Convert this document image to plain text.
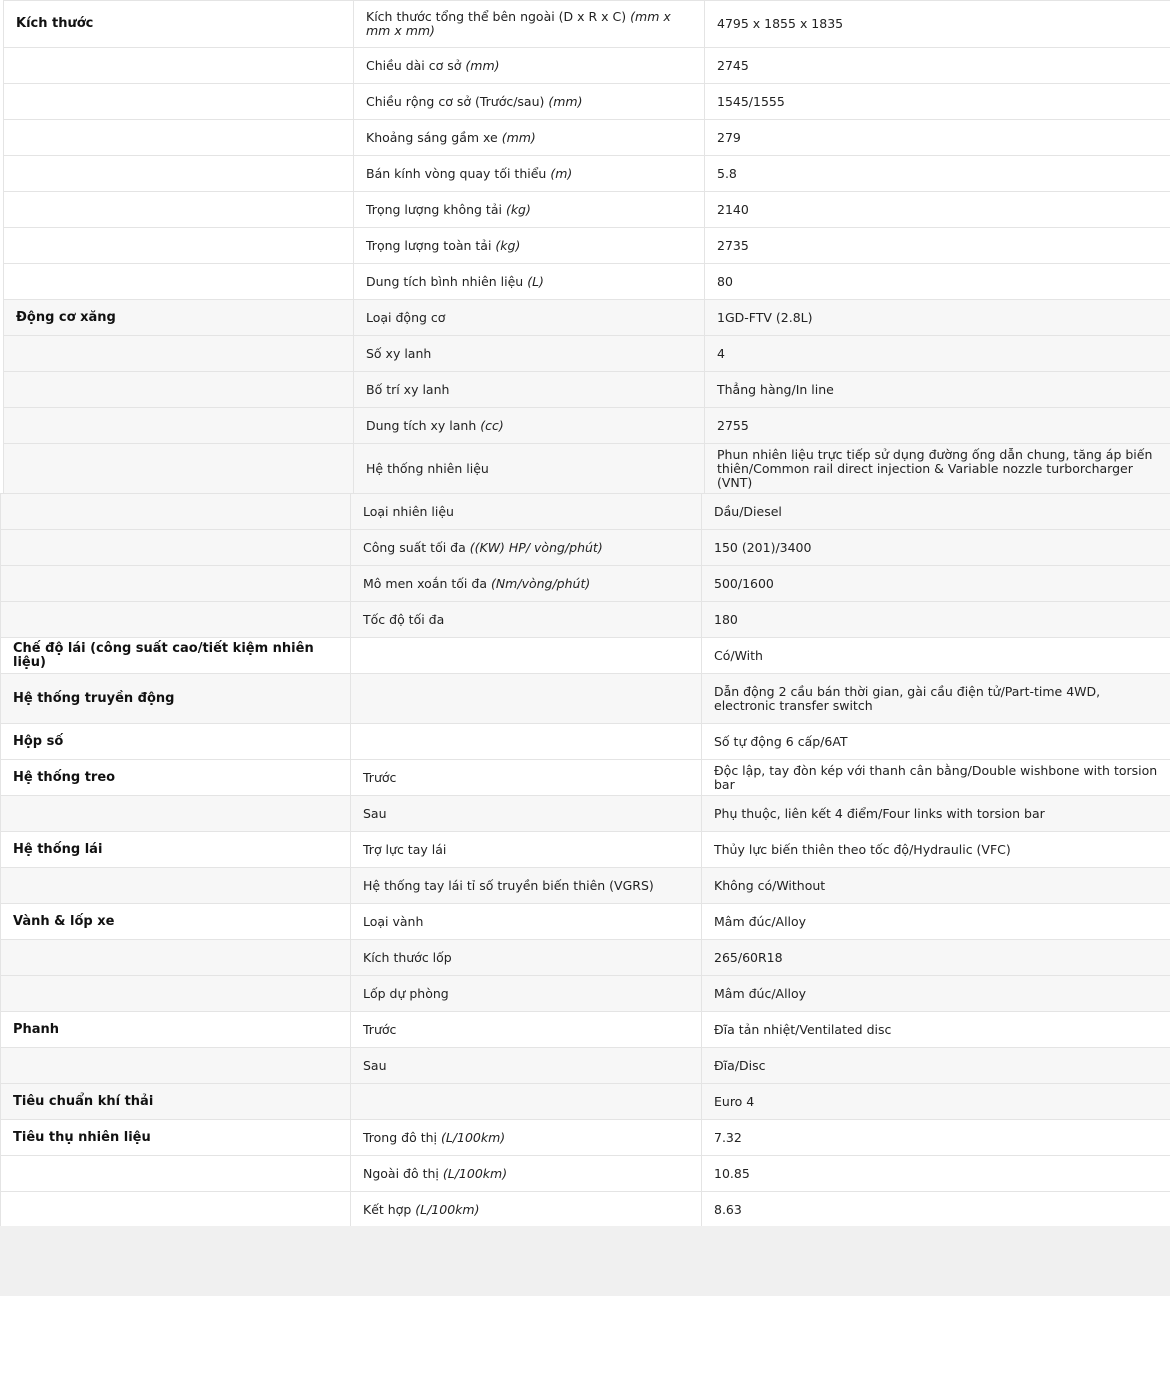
Kích thước	Kích thước tổng thể bên ngoài (D x R x C) (mm x mm x mm)	4795 x 1855 x 1835
	Chiều dài cơ sở (mm)	2745
	Chiều rộng cơ sở (Trước/sau) (mm)	1545/1555
	Khoảng sáng gầm xe (mm)	279
	Bán kính vòng quay tối thiểu (m)	5.8
	Trọng lượng không tải (kg)	2140
	Trọng lượng toàn tải (kg)	2735
	Dung tích bình nhiên liệu (L)	80
Động cơ xăng	Loại động cơ	1GD-FTV (2.8L)
	Số xy lanh	4
	Bố trí xy lanh	Thẳng hàng/In line
	Dung tích xy lanh (cc)	2755
	Hệ thống nhiên liệu	Phun nhiên liệu trực tiếp sử dụng đường ống dẫn chung, tăng áp biến thiên/Common rail direct injection & Variable nozzle turborcharger (VNT)
	Loại nhiên liệu	Dầu/Diesel
	Công suất tối đa ((KW) HP/ vòng/phút)	150 (201)/3400
	Mô men xoắn tối đa (Nm/vòng/phút)	500/1600
	Tốc độ tối đa	180
Chế độ lái (công suất cao/tiết kiệm nhiên liệu)		Có/With
Hệ thống truyền động		Dẫn động 2 cầu bán thời gian, gài cầu điện tử/Part-time 4WD, electronic transfer switch
Hộp số		Số tự động 6 cấp/6AT
Hệ thống treo	Trước	Độc lập, tay đòn kép với thanh cân bằng/Double wishbone with torsion bar
	Sau	Phụ thuộc, liên kết 4 điểm/Four links with torsion bar
Hệ thống lái	Trợ lực tay lái	Thủy lực biến thiên theo tốc độ/Hydraulic (VFC)
	Hệ thống tay lái tỉ số truyền biến thiên (VGRS)	Không có/Without
Vành & lốp xe	Loại vành	Mâm đúc/Alloy
	Kích thước lốp	265/60R18
	Lốp dự phòng	Mâm đúc/Alloy
Phanh	Trước	Đĩa tản nhiệt/Ventilated disc
	Sau	Đĩa/Disc
Tiêu chuẩn khí thải		Euro 4
Tiêu thụ nhiên liệu	Trong đô thị (L/100km)	7.32
	Ngoài đô thị (L/100km)	10.85
	Kết hợp (L/100km)	8.63
